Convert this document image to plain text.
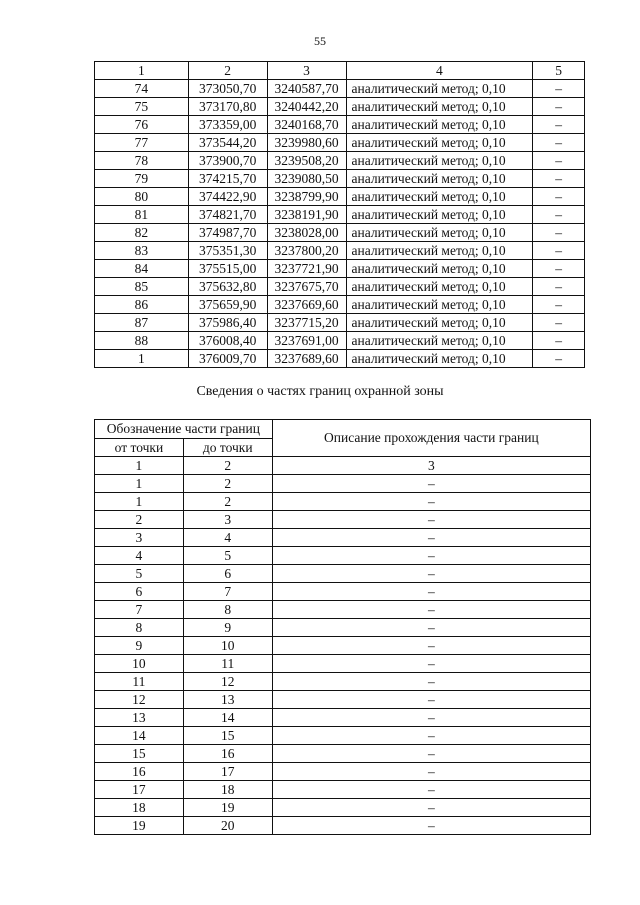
55
1	2	3	4	5
74	373050,70	3240587,70	аналитический метод; 0,10	–
75	373170,80	3240442,20	аналитический метод; 0,10	–
76	373359,00	3240168,70	аналитический метод; 0,10	–
77	373544,20	3239980,60	аналитический метод; 0,10	–
78	373900,70	3239508,20	аналитический метод; 0,10	–
79	374215,70	3239080,50	аналитический метод; 0,10	–
80	374422,90	3238799,90	аналитический метод; 0,10	–
81	374821,70	3238191,90	аналитический метод; 0,10	–
82	374987,70	3238028,00	аналитический метод; 0,10	–
83	375351,30	3237800,20	аналитический метод; 0,10	–
84	375515,00	3237721,90	аналитический метод; 0,10	–
85	375632,80	3237675,70	аналитический метод; 0,10	–
86	375659,90	3237669,60	аналитический метод; 0,10	–
87	375986,40	3237715,20	аналитический метод; 0,10	–
88	376008,40	3237691,00	аналитический метод; 0,10	–
1	376009,70	3237689,60	аналитический метод; 0,10	–
Сведения о частях границ охранной зоны
Обозначение части границ		Описание прохождения части границ
от точки	до точки	
1	2	3
1	2	–
1	2	–
2	3	–
3	4	–
4	5	–
5	6	–
6	7	–
7	8	–
8	9	–
9	10	–
10	11	–
11	12	–
12	13	–
13	14	–
14	15	–
15	16	–
16	17	–
17	18	–
18	19	–
19	20	–
